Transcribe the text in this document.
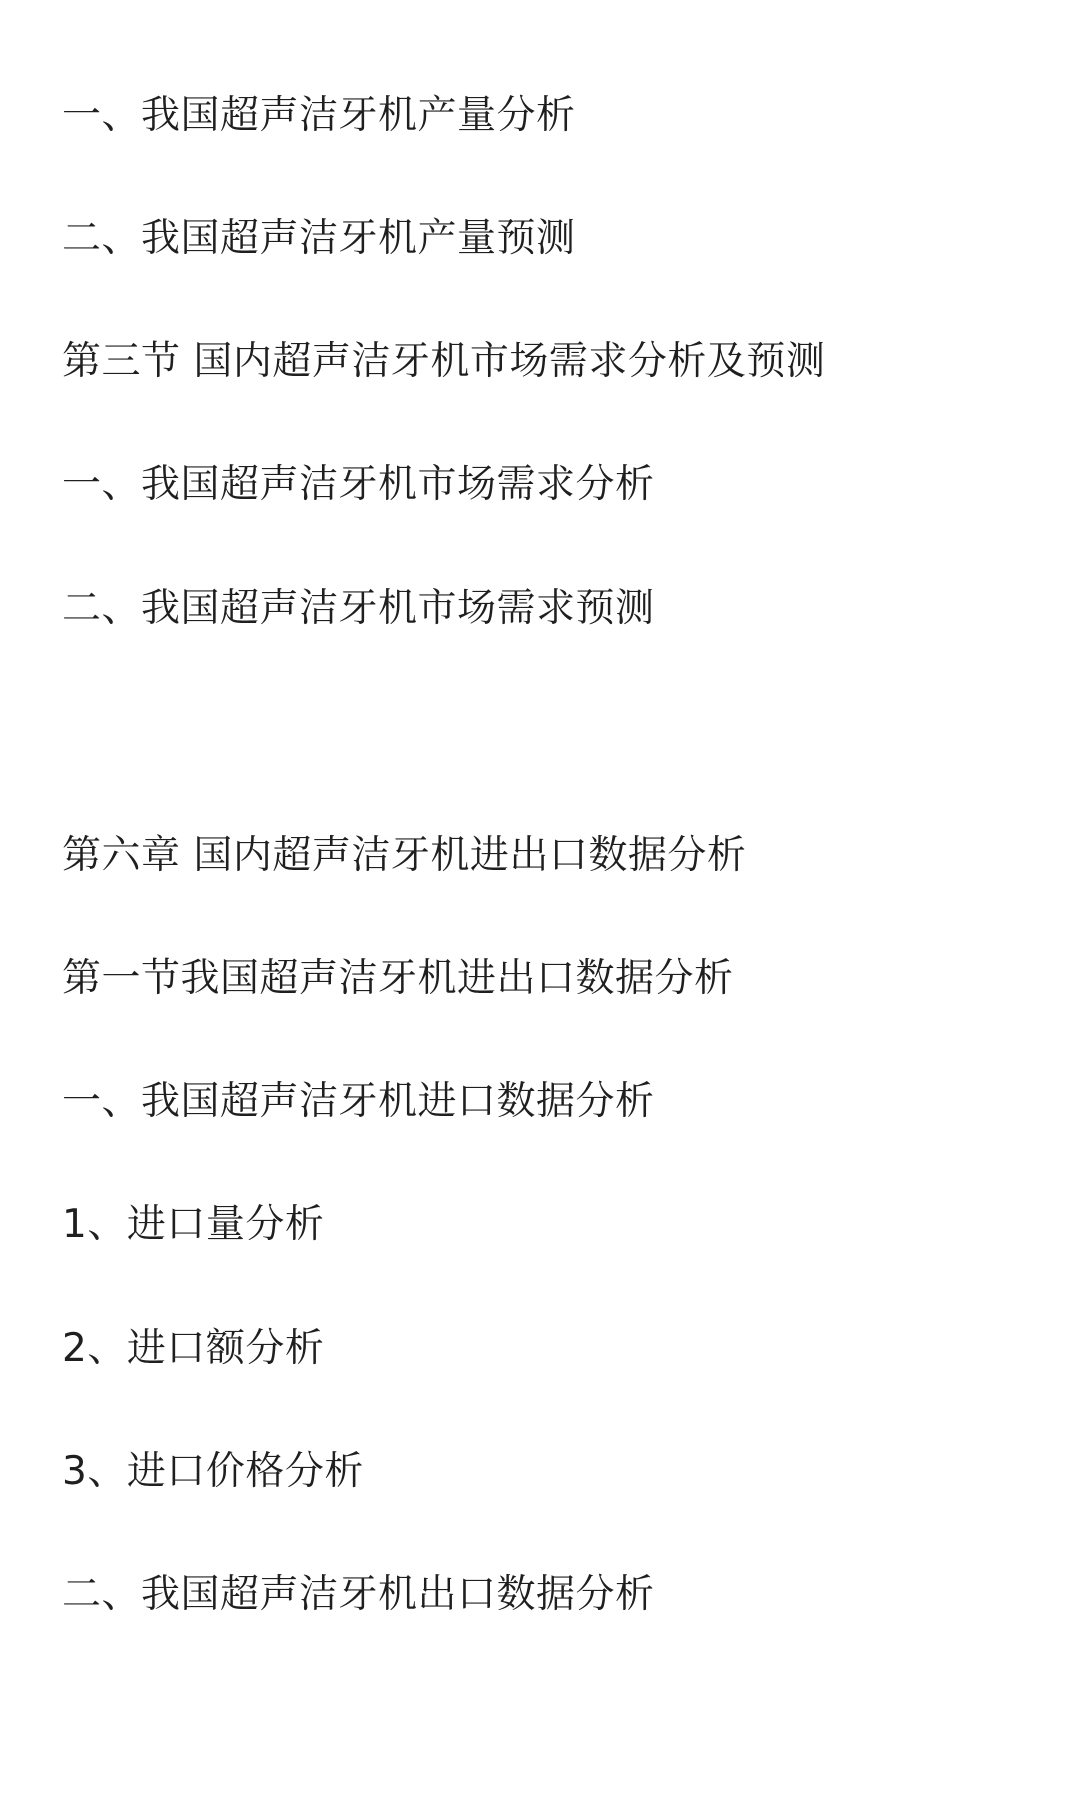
一、我国超声洁牙机产量分析
二、我国超声洁牙机产量预测
第三节 国内超声洁牙机市场需求分析及预测
一、我国超声洁牙机市场需求分析
二、我国超声洁牙机市场需求预测
第六章 国内超声洁牙机进出口数据分析
第一节我国超声洁牙机进出口数据分析
一、我国超声洁牙机进口数据分析
1、进口量分析
2、进口额分析
3、进口价格分析
二、我国超声洁牙机出口数据分析
